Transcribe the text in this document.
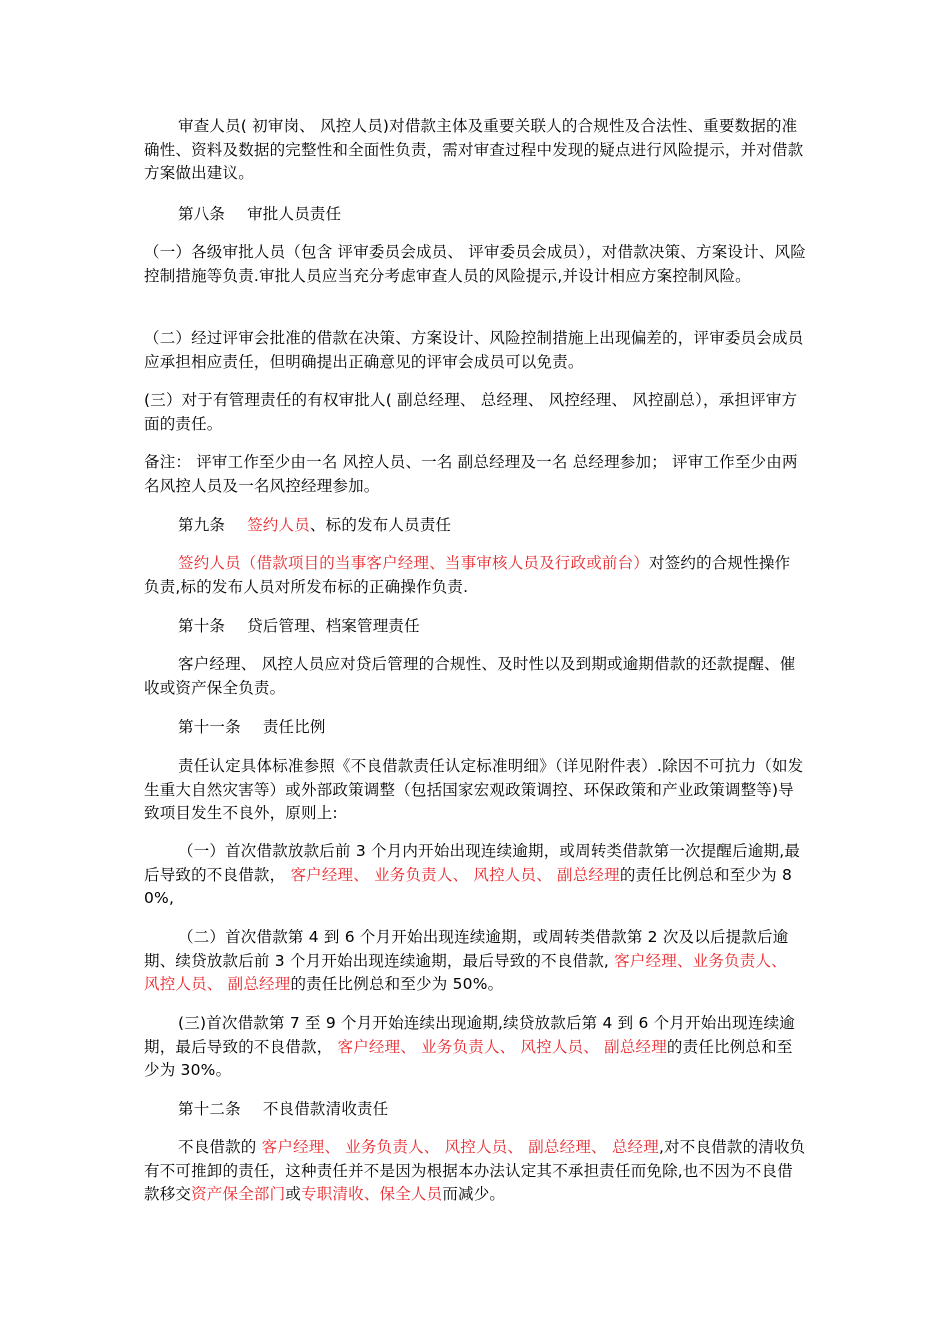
审查人员( 初审岗、 风控人员)对借款主体及重要关联人的合规性及合法性、重要数据的准确性、资料及数据的完整性和全面性负责，需对审查过程中发现的疑点进行风险提示，并对借款方案做出建议。
第八条 审批人员责任
（一）各级审批人员（包含 评审委员会成员、 评审委员会成员），对借款决策、方案设计、风险控制措施等负责.审批人员应当充分考虑审查人员的风险提示,并设计相应方案控制风险。
（二）经过评审会批准的借款在决策、方案设计、风险控制措施上出现偏差的，评审委员会成员应承担相应责任，但明确提出正确意见的评审会成员可以免责。
(三）对于有管理责任的有权审批人( 副总经理、 总经理、 风控经理、 风控副总），承担评审方面的责任。
备注： 评审工作至少由一名 风控人员、一名 副总经理及一名 总经理参加； 评审工作至少由两名风控人员及一名风控经理参加。
第九条 签约人员、标的发布人员责任
签约人员（借款项目的当事客户经理、当事审核人员及行政或前台）对签约的合规性操作负责,标的发布人员对所发布标的正确操作负责.
第十条 贷后管理、档案管理责任
客户经理、 风控人员应对贷后管理的合规性、及时性以及到期或逾期借款的还款提醒、催收或资产保全负责。
第十一条 责任比例
责任认定具体标准参照《不良借款责任认定标准明细》（详见附件表）.除因不可抗力（如发生重大自然灾害等）或外部政策调整（包括国家宏观政策调控、环保政策和产业政策调整等)导致项目发生不良外，原则上:
（一）首次借款放款后前 3 个月内开始出现连续逾期，或周转类借款第一次提醒后逾期,最后导致的不良借款， 客户经理、 业务负责人、 风控人员、 副总经理的责任比例总和至少为 80%,
（二）首次借款第 4 到 6 个月开始出现连续逾期，或周转类借款第 2 次及以后提款后逾期、续贷放款后前 3 个月开始出现连续逾期，最后导致的不良借款, 客户经理、业务负责人、 风控人员、 副总经理的责任比例总和至少为 50%。
(三)首次借款第 7 至 9 个月开始连续出现逾期,续贷放款后第 4 到 6 个月开始出现连续逾期，最后导致的不良借款， 客户经理、 业务负责人、 风控人员、 副总经理的责任比例总和至少为 30%。
第十二条 不良借款清收责任
不良借款的 客户经理、 业务负责人、 风控人员、 副总经理、 总经理,对不良借款的清收负有不可推卸的责任，这种责任并不是因为根据本办法认定其不承担责任而免除,也不因为不良借款移交资产保全部门或专职清收、保全人员而减少。
